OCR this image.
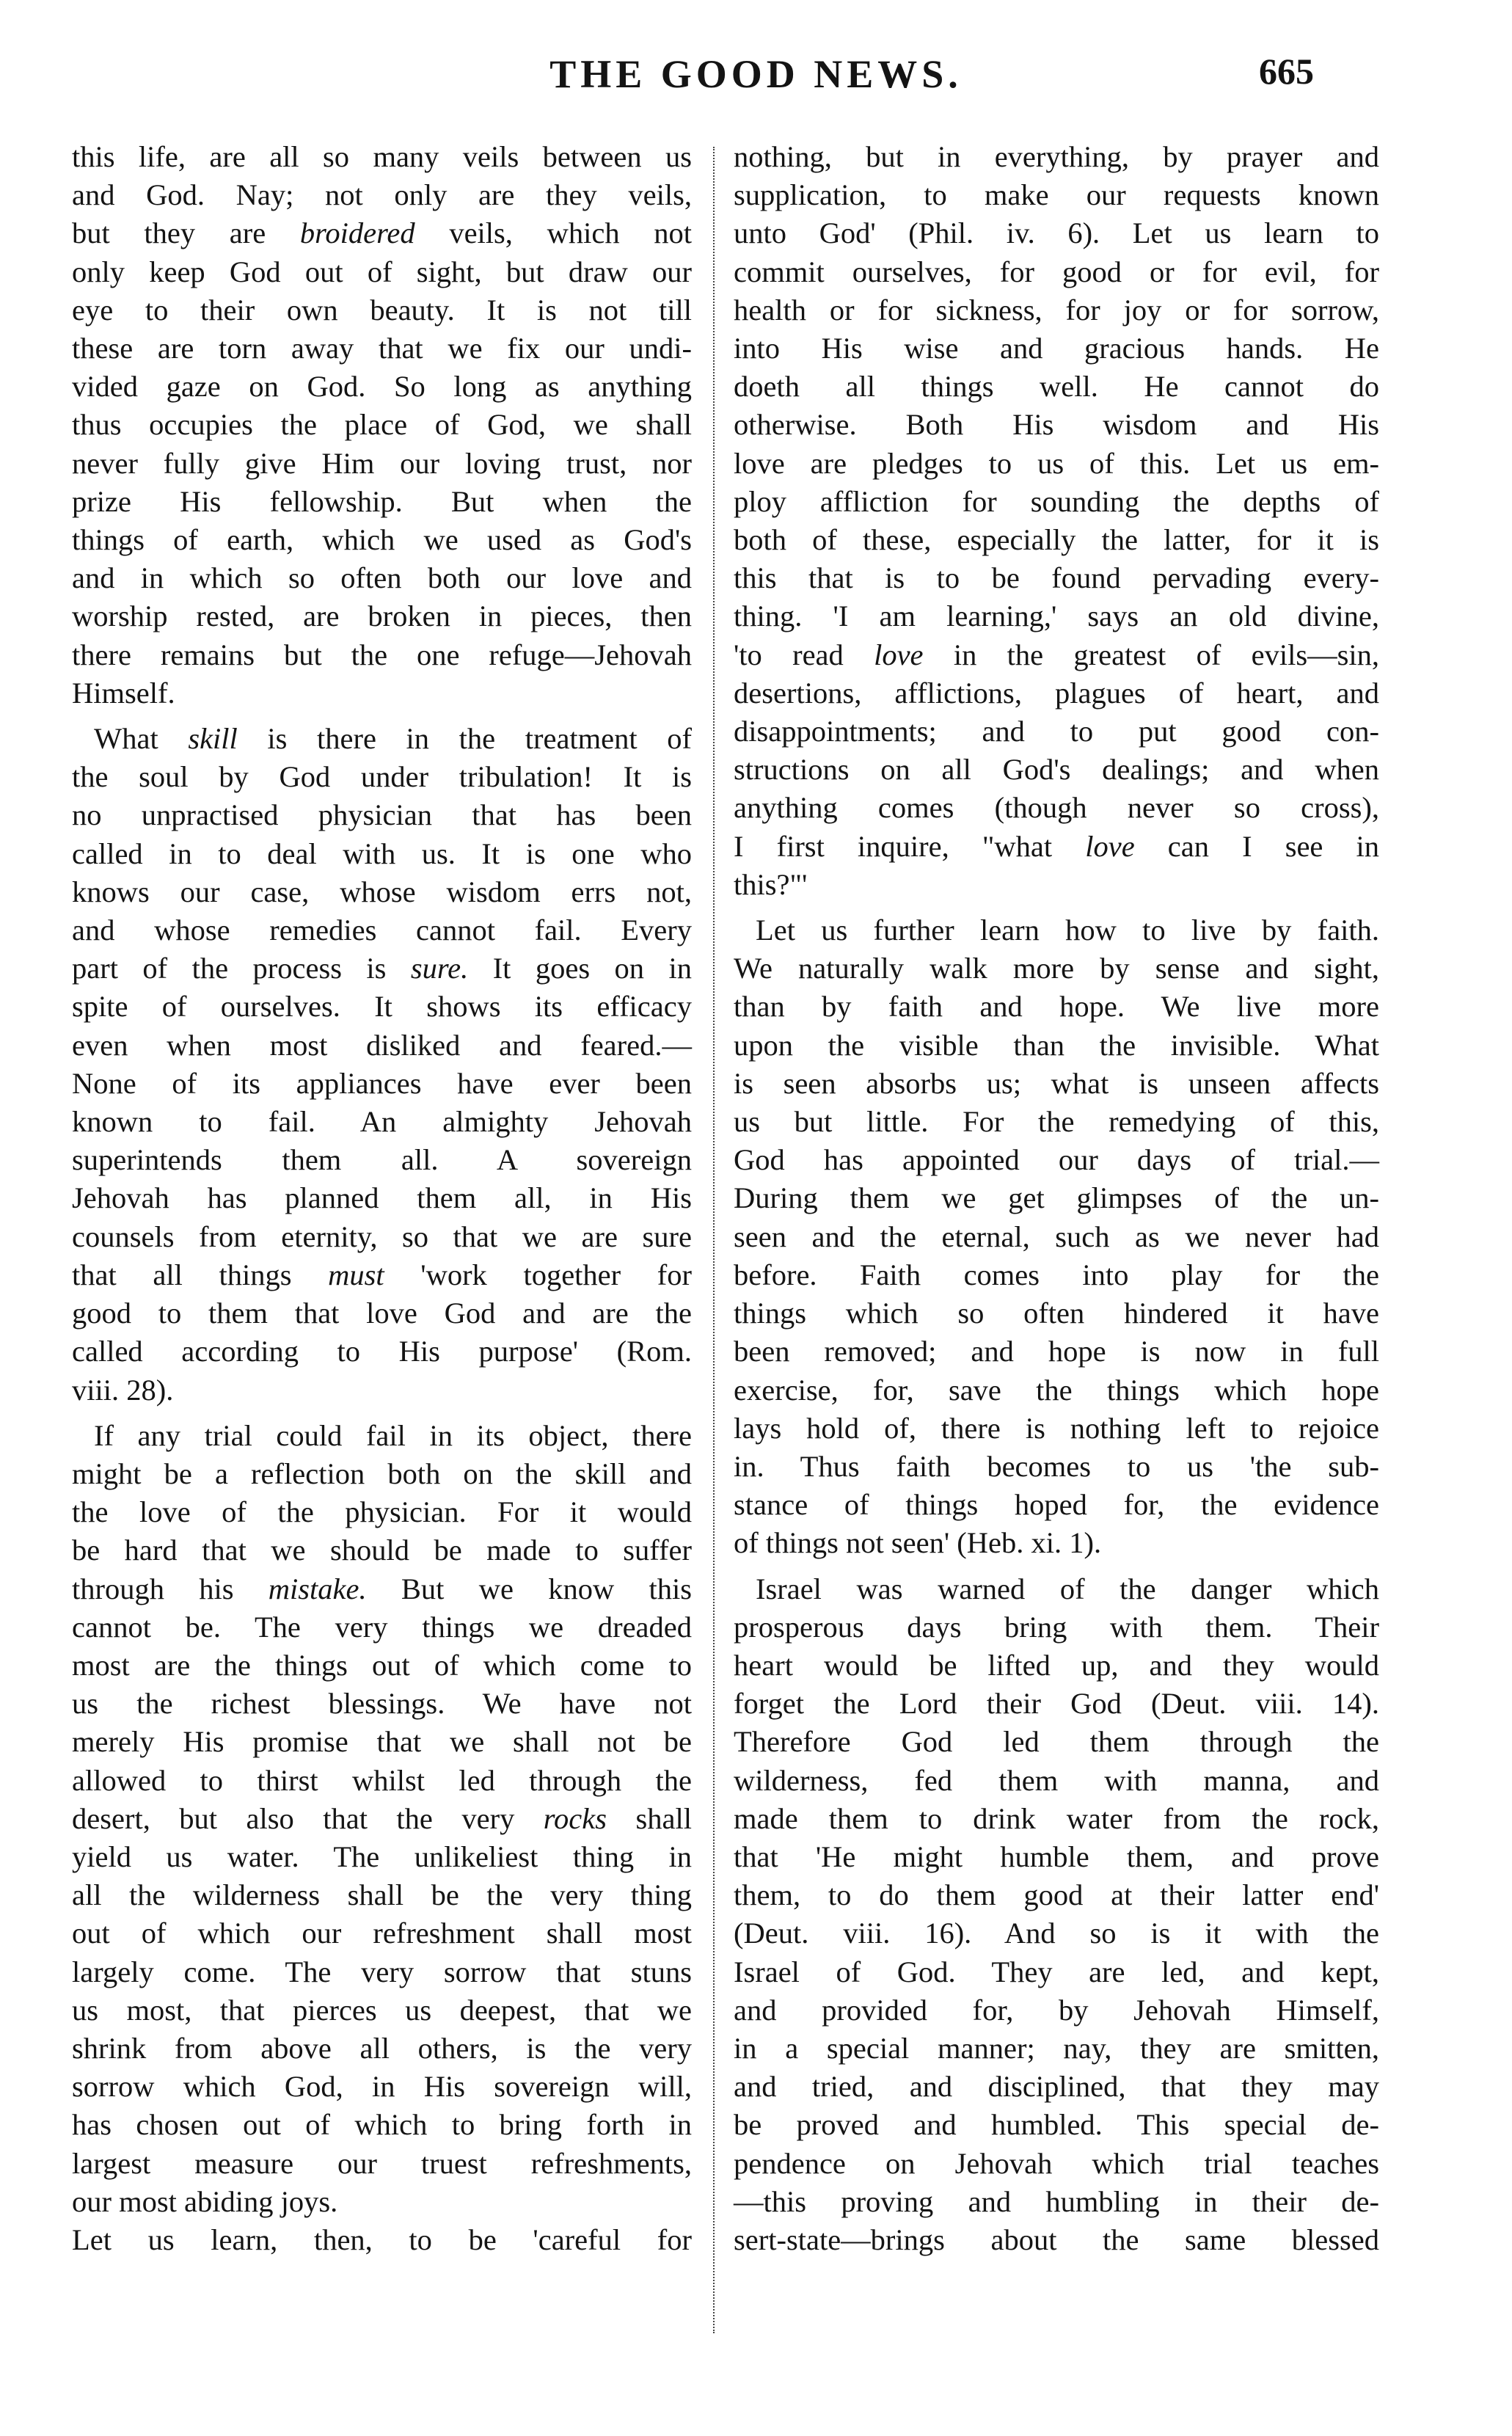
THE GOOD NEWS.	665
this life, are all so many veils between us
and God. Nay; not only are they veils,
but they are broidered veils, which not
only keep God out of sight, but draw our
eye to their own beauty. It is not till
these are torn away that we fix our undi-
vided gaze on God. So long as anything
thus occupies the place of God, we shall
never fully give Him our loving trust, nor
prize His fellowship. But when the
things of earth, which we used as God's
and in which so often both our love and
worship rested, are broken in pieces, then
there remains but the one refuge—Jehovah
Himself.
What skill is there in the treatment of
the soul by God under tribulation! It is
no unpractised physician that has been
called in to deal with us. It is one who
knows our case, whose wisdom errs not,
and whose remedies cannot fail. Every
part of the process is sure. It goes on in
spite of ourselves. It shows its efficacy
even when most disliked and feared.—
None of its appliances have ever been
known to fail. An almighty Jehovah
superintends them all. A sovereign
Jehovah has planned them all, in His
counsels from eternity, so that we are sure
that all things must 'work together for
good to them that love God and are the
called according to His purpose' (Rom.
viii. 28).
If any trial could fail in its object, there
might be a reflection both on the skill and
the love of the physician. For it would
be hard that we should be made to suffer
through his mistake. But we know this
cannot be. The very things we dreaded
most are the things out of which come to
us the richest blessings. We have not
merely His promise that we shall not be
allowed to thirst whilst led through the
desert, but also that the very rocks shall
yield us water. The unlikeliest thing in
all the wilderness shall be the very thing
out of which our refreshment shall most
largely come. The very sorrow that stuns
us most, that pierces us deepest, that we
shrink from above all others, is the very
sorrow which God, in His sovereign will,
has chosen out of which to bring forth in
largest measure our truest refreshments,
our most abiding joys.
Let us learn, then, to be 'careful for
nothing, but in everything, by prayer and
supplication, to make our requests known
unto God' (Phil. iv. 6). Let us learn to
commit ourselves, for good or for evil, for
health or for sickness, for joy or for sorrow,
into His wise and gracious hands. He
doeth all things well. He cannot do
otherwise. Both His wisdom and His
love are pledges to us of this. Let us em-
ploy affliction for sounding the depths of
both of these, especially the latter, for it is
this that is to be found pervading every-
thing. 'I am learning,' says an old divine,
'to read love in the greatest of evils—sin,
desertions, afflictions, plagues of heart, and
disappointments; and to put good con-
structions on all God's dealings; and when
anything comes (though never so cross),
I first inquire, "what love can I see in
this?"'
Let us further learn how to live by faith.
We naturally walk more by sense and sight,
than by faith and hope. We live more
upon the visible than the invisible. What
is seen absorbs us; what is unseen affects
us but little. For the remedying of this,
God has appointed our days of trial.—
During them we get glimpses of the un-
seen and the eternal, such as we never had
before. Faith comes into play for the
things which so often hindered it have
been removed; and hope is now in full
exercise, for, save the things which hope
lays hold of, there is nothing left to rejoice
in. Thus faith becomes to us 'the sub-
stance of things hoped for, the evidence
of things not seen' (Heb. xi. 1).
Israel was warned of the danger which
prosperous days bring with them. Their
heart would be lifted up, and they would
forget the Lord their God (Deut. viii. 14).
Therefore God led them through the
wilderness, fed them with manna, and
made them to drink water from the rock,
that 'He might humble them, and prove
them, to do them good at their latter end'
(Deut. viii. 16). And so is it with the
Israel of God. They are led, and kept,
and provided for, by Jehovah Himself,
in a special manner; nay, they are smitten,
and tried, and disciplined, that they may
be proved and humbled. This special de-
pendence on Jehovah which trial teaches
—this proving and humbling in their de-
sert-state—brings about the same blessed
